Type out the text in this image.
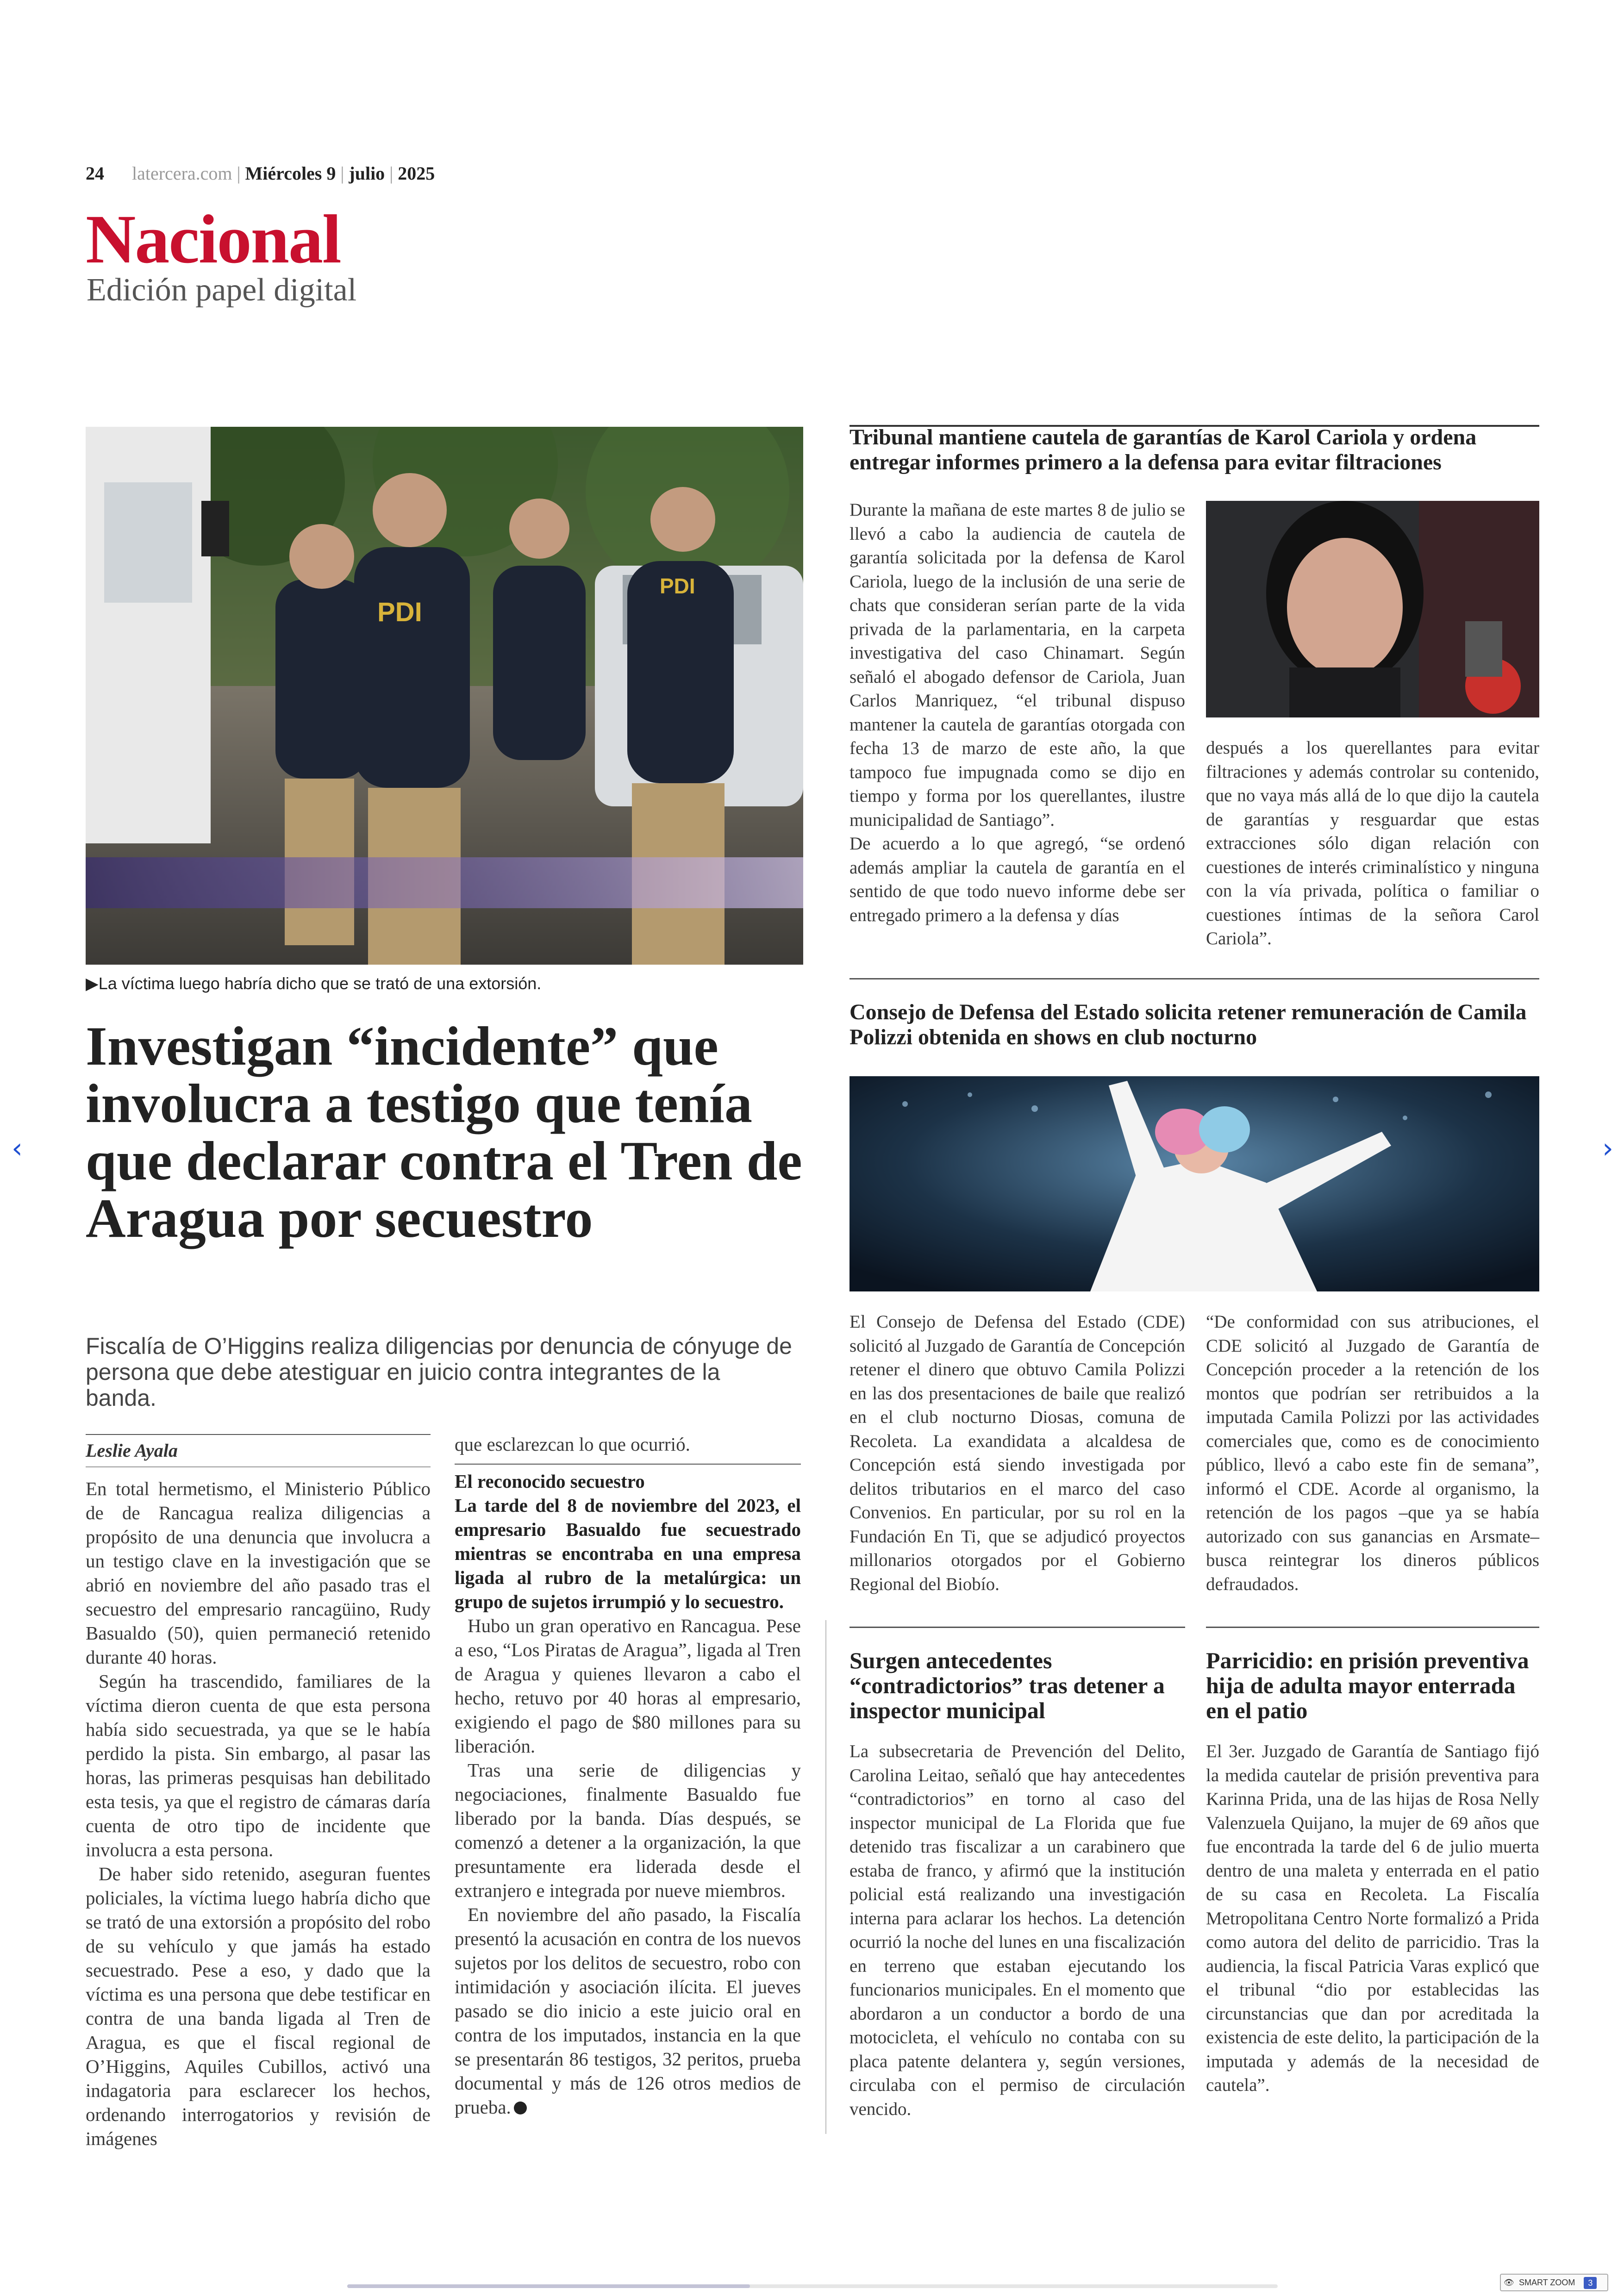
24 latercera.com | Miércoles 9 | julio | 2025
Nacional
Edición papel digital
PDI
PDI
▶La víctima luego habría dicho que se trató de una extorsión.
Investigan “incidente” que involucra a testigo que tenía que declarar contra el Tren de Aragua por secuestro
Fiscalía de O’Higgins realiza diligencias por denuncia de cónyuge de persona que debe atestiguar en juicio contra integrantes de la banda.
Leslie Ayala

En total hermetismo, el Ministerio Público de de Rancagua realiza diligencias a propósito de una denuncia que involucra a un testigo clave en la investigación que se abrió en noviembre del año pasado tras el secuestro del empresario rancagüino, Rudy Basualdo (50), quien permaneció retenido durante 40 horas.

Según ha trascendido, familiares de la víctima dieron cuenta de que esta persona había sido secuestrada, ya que se le había perdido la pista. Sin embargo, al pasar las horas, las primeras pesquisas han debilitado esta tesis, ya que el registro de cámaras daría cuenta de otro tipo de incidente que involucra a esta persona.

De haber sido retenido, aseguran fuentes policiales, la víctima luego habría dicho que se trató de una extorsión a propósito del robo de su vehículo y que jamás ha estado secuestrado. Pese a eso, y dado que la víctima es una persona que debe testificar en contra de una banda ligada al Tren de Aragua, es que el fiscal regional de O’Higgins, Aquiles Cubillos, activó una indagatoria para esclarecer los hechos, ordenando interrogatorios y revisión de imágenes

que esclarezcan lo que ocurrió.

El reconocido secuestro

La tarde del 8 de noviembre del 2023, el empresario Basualdo fue secuestrado mientras se encontraba en una empresa ligada al rubro de la metalúrgica: un grupo de sujetos irrumpió y lo secuestro.

Hubo un gran operativo en Rancagua. Pese a eso, “Los Piratas de Aragua”, ligada al Tren de Aragua y quienes llevaron a cabo el hecho, retuvo por 40 horas al empresario, exigiendo el pago de $80 millones para su liberación.

Tras una serie de diligencias y negociaciones, finalmente Basualdo fue liberado por la banda. Días después, se comenzó a detener a la organización, la que presuntamente era liderada desde el extranjero e integrada por nueve miembros.

En noviembre del año pasado, la Fiscalía presentó la acusación en contra de los nuevos sujetos por los delitos de secuestro, robo con intimidación y asociación ilícita. El jueves pasado se dio inicio a este juicio oral en contra de los imputados, instancia en la que se presentarán 86 testigos, 32 peritos, prueba documental y más de 126 otros medios de prueba.

Tribunal mantiene cautela de garantías de Karol Cariola y ordena entregar informes primero a la defensa para evitar filtraciones

Durante la mañana de este martes 8 de julio se llevó a cabo la audiencia de cautela de garantía solicitada por la defensa de Karol Cariola, luego de la inclusión de una serie de chats que consideran serían parte de la vida privada de la parlamentaria, en la carpeta investigativa del caso Chinamart. Según señaló el abogado defensor de Cariola, Juan Carlos Manriquez, “el tribunal dispuso mantener la cautela de garantías otorgada con fecha 13 de marzo de este año, la que tampoco fue impugnada como se dijo en tiempo y forma por los querellantes, ilustre municipalidad de Santiago”.

De acuerdo a lo que agregó, “se ordenó además ampliar la cautela de garantía en el sentido de que todo nuevo informe debe ser entregado primero a la defensa y días

después a los querellantes para evitar filtraciones y además controlar su contenido, que no vaya más allá de lo que dijo la cautela de garantías y resguardar que estas extracciones sólo digan relación con cuestiones de interés criminalístico y ninguna con la vía privada, política o familiar o cuestiones íntimas de la señora Carol Cariola”.

Consejo de Defensa del Estado solicita retener remuneración de Camila Polizzi obtenida en shows en club nocturno

El Consejo de Defensa del Estado (CDE) solicitó al Juzgado de Garantía de Concepción retener el dinero que obtuvo Camila Polizzi en las dos presentaciones de baile que realizó en el club nocturno Diosas, comuna de Recoleta. La exandidata a alcaldesa de Concepción está siendo investigada por delitos tributarios en el marco del caso Convenios. En particular, por su rol en la Fundación En Ti, que se adjudicó proyectos millonarios otorgados por el Gobierno Regional del Biobío.

“De conformidad con sus atribuciones, el CDE solicitó al Juzgado de Garantía de Concepción proceder a la retención de los montos que podrían ser retribuidos a la imputada Camila Polizzi por las actividades comerciales que, como es de conocimiento público, llevó a cabo este fin de semana”, informó el CDE. Acorde al organismo, la retención de los pagos –que ya se había autorizado con sus ganancias en Arsmate– busca reintegrar los dineros públicos defraudados.

Surgen antecedentes “contradictorios” tras detener a inspector municipal

La subsecretaria de Prevención del Delito, Carolina Leitao, señaló que hay antecedentes “contradictorios” en torno al caso del inspector municipal de La Florida que fue detenido tras fiscalizar a un carabinero que estaba de franco, y afirmó que la institución policial está realizando una investigación interna para aclarar los hechos. La detención ocurrió la noche del lunes en una fiscalización en terreno que estaban ejecutando los funcionarios municipales. En el momento que abordaron a un conductor a bordo de una motocicleta, el vehículo no contaba con su placa patente delantera y, según versiones, circulaba con el permiso de circulación vencido.

Parricidio: en prisión preventiva hija de adulta mayor enterrada en el patio

El 3er. Juzgado de Garantía de Santiago fijó la medida cautelar de prisión preventiva para Karinna Prida, una de las hijas de Rosa Nelly Valenzuela Quijano, la mujer de 69 años que fue encontrada la tarde del 6 de julio muerta dentro de una maleta y enterrada en el patio de su casa en Recoleta. La Fiscalía Metropolitana Centro Norte formalizó a Prida como autora del delito de parricidio. Tras la audiencia, la fiscal Patricia Varas explicó que el tribunal “dio por establecidas las circunstancias que dan por acreditada la existencia de este delito, la participación de la imputada y además de la necesidad de cautela”.

‹	›
👁 SMART ZOOM 3
